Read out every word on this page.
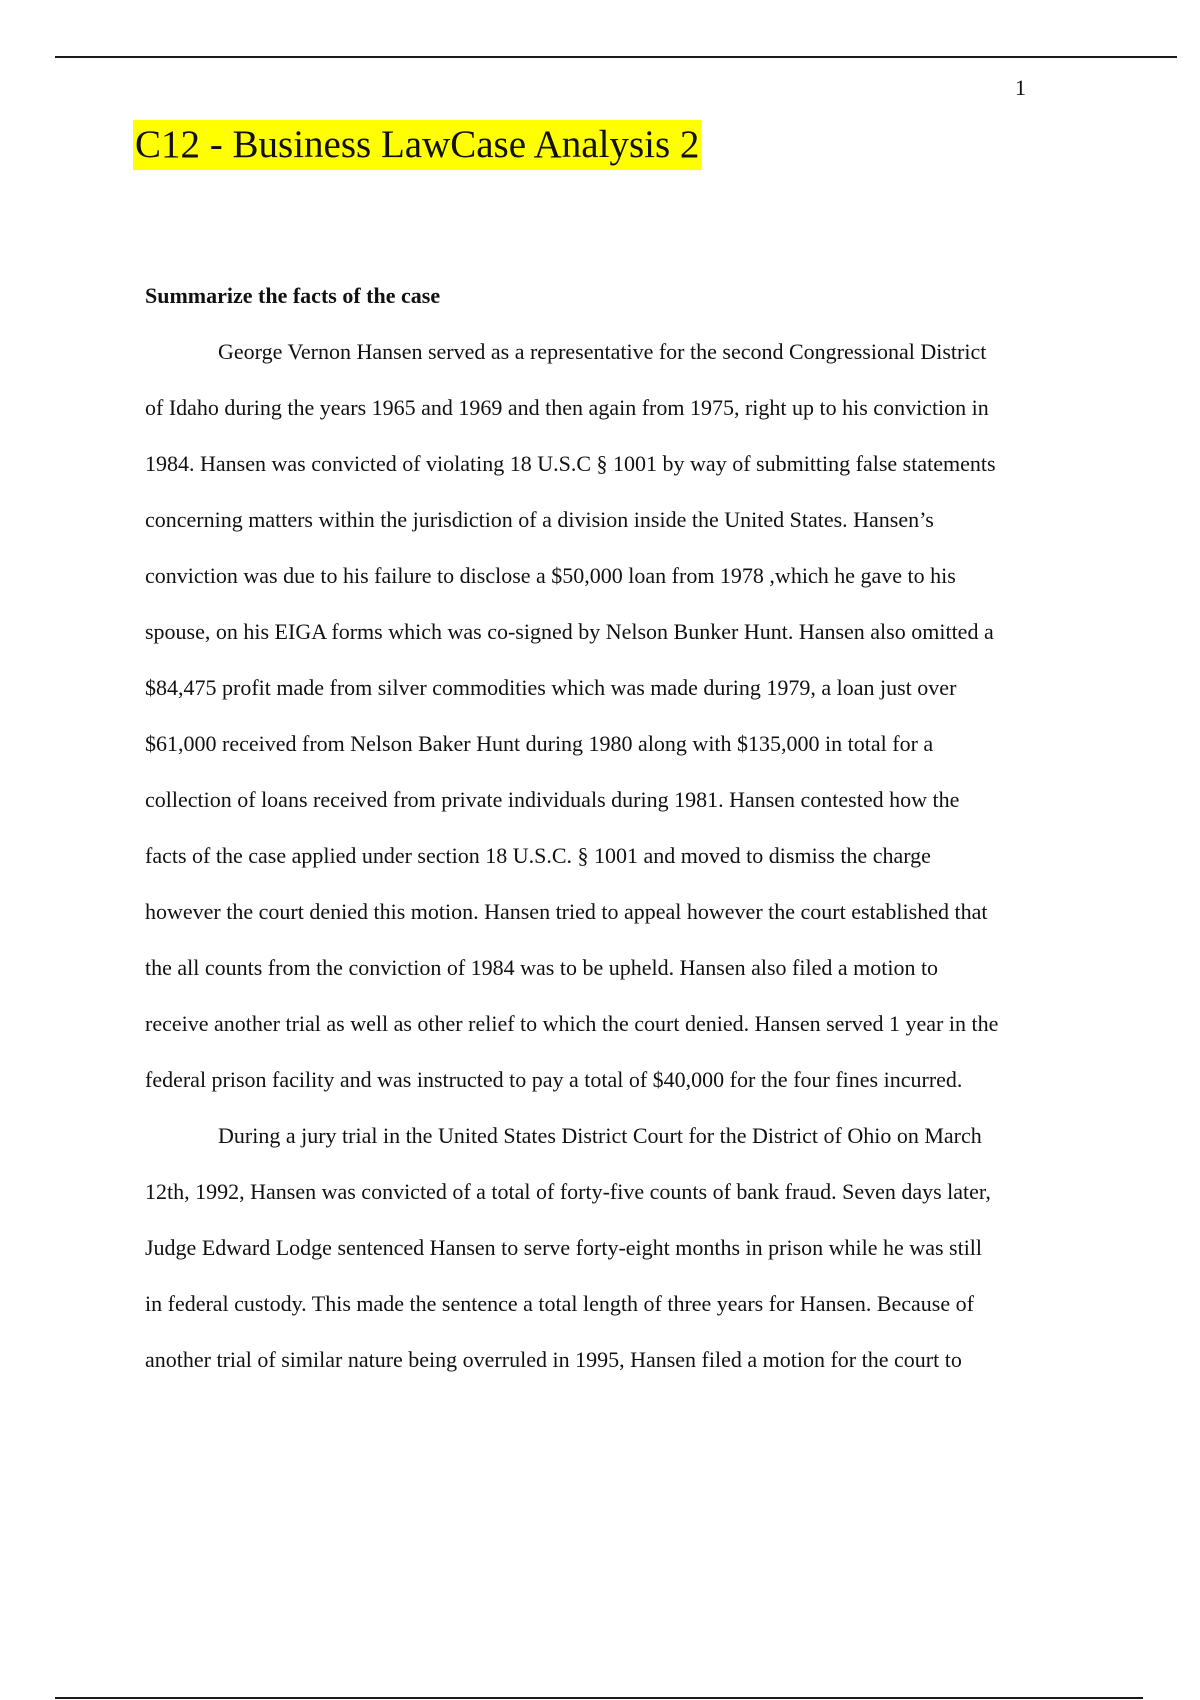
1
C12 - Business LawCase Analysis 2
Summarize the facts of the case
George Vernon Hansen served as a representative for the second Congressional District
of Idaho during the years 1965 and 1969 and then again from 1975, right up to his conviction in
1984. Hansen was convicted of violating 18 U.S.C § 1001 by way of submitting false statements
concerning matters within the jurisdiction of a division inside the United States. Hansen’s
conviction was due to his failure to disclose a $50,000 loan from 1978 ,which he gave to his
spouse, on his EIGA forms which was co-signed by Nelson Bunker Hunt. Hansen also omitted a
$84,475 profit made from silver commodities which was made during 1979, a loan just over
$61,000 received from Nelson Baker Hunt during 1980 along with $135,000 in total for a
collection of loans received from private individuals during 1981. Hansen contested how the
facts of the case applied under section 18 U.S.C. § 1001 and moved to dismiss the charge
however the court denied this motion. Hansen tried to appeal however the court established that
the all counts from the conviction of 1984 was to be upheld. Hansen also filed a motion to
receive another trial as well as other relief to which the court denied. Hansen served 1 year in the
federal prison facility and was instructed to pay a total of $40,000 for the four fines incurred.
During a jury trial in the United States District Court for the District of Ohio on March
12th, 1992, Hansen was convicted of a total of forty-five counts of bank fraud. Seven days later,
Judge Edward Lodge sentenced Hansen to serve forty-eight months in prison while he was still
in federal custody. This made the sentence a total length of three years for Hansen. Because of
another trial of similar nature being overruled in 1995, Hansen filed a motion for the court to
